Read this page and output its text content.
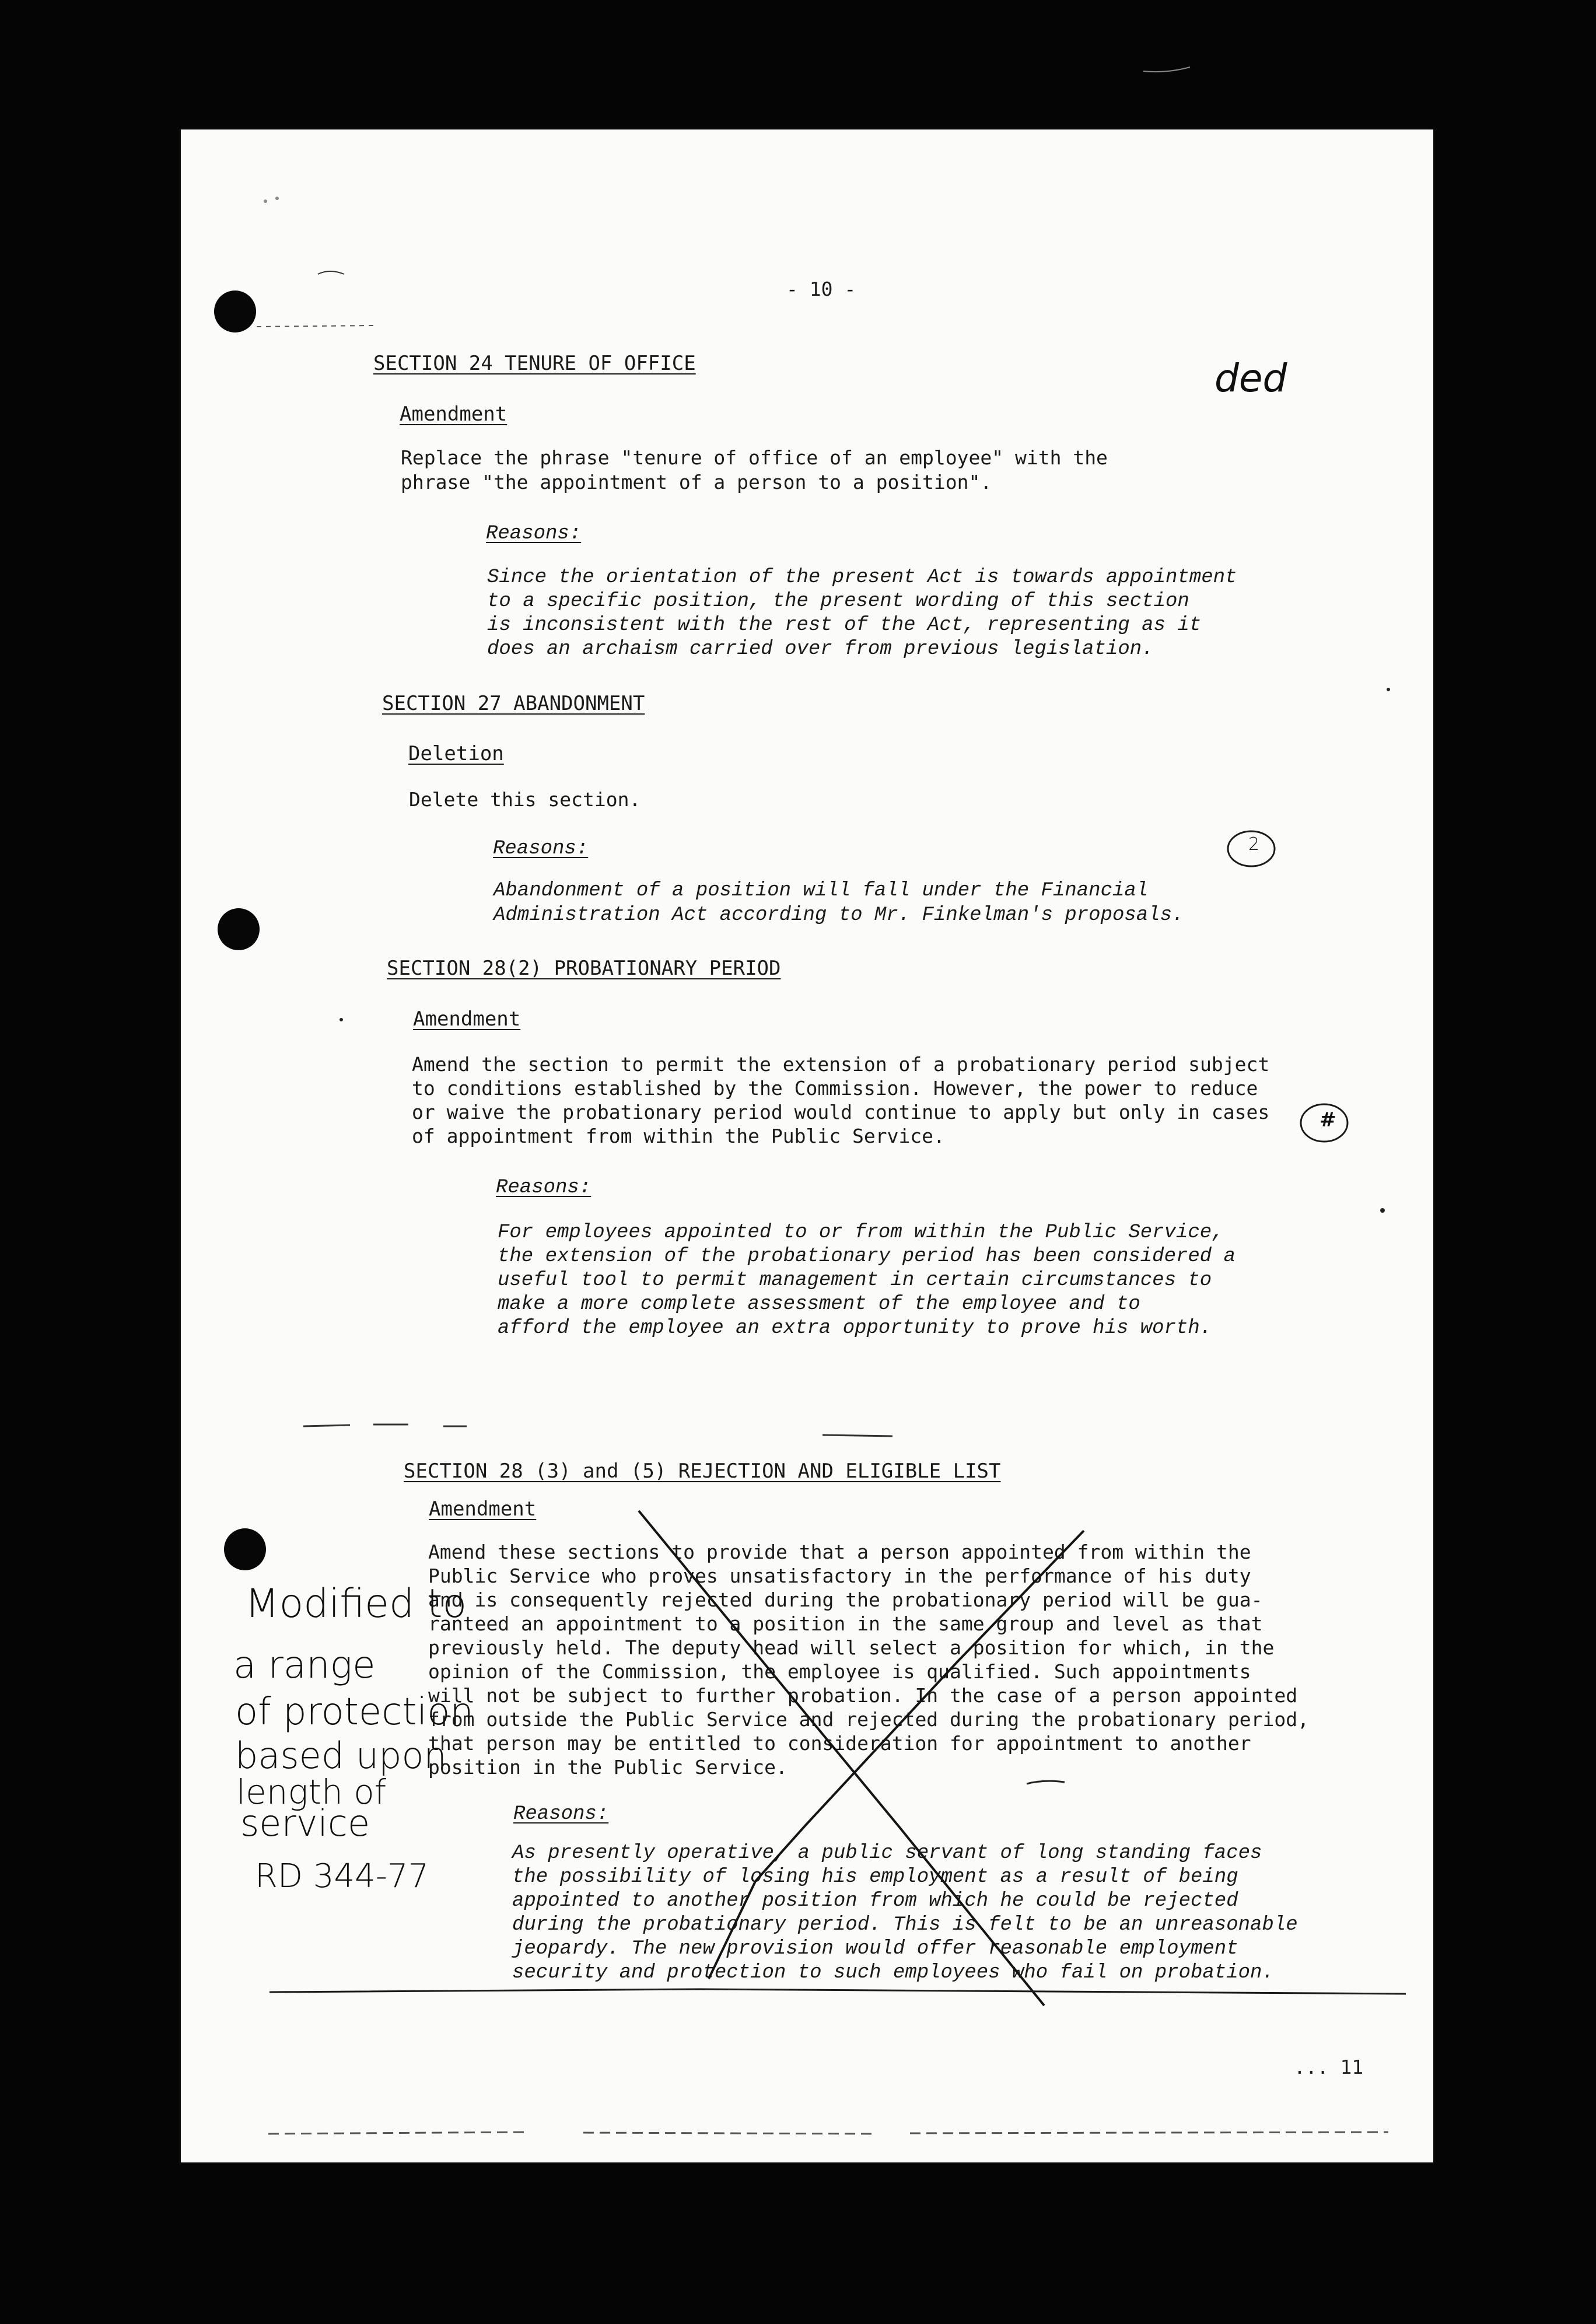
- 10 -
SECTION 24 TENURE OF OFFICE
Amendment
Replace the phrase "tenure of office of an employee" with the
phrase "the appointment of a person to a position".
Reasons:
Since the orientation of the present Act is towards appointment
to a specific position, the present wording of this section
is inconsistent with the rest of the Act, representing as it
does an archaism carried over from previous legislation.
SECTION 27 ABANDONMENT
Deletion
Delete this section.
Reasons:
Abandonment of a position will fall under the Financial
Administration Act according to Mr. Finkelman's proposals.
SECTION 28(2) PROBATIONARY PERIOD
Amendment
Amend the section to permit the extension of a probationary period subject
to conditions established by the Commission. However, the power to reduce
or waive the probationary period would continue to apply but only in cases
of appointment from within the Public Service.
Reasons:
For employees appointed to or from within the Public Service,
the extension of the probationary period has been considered a
useful tool to permit management in certain circumstances to
make a more complete assessment of the employee and to
afford the employee an extra opportunity to prove his worth.
SECTION 28 (3) and (5) REJECTION AND ELIGIBLE LIST
Amendment
Amend these sections to provide that a person appointed from within the
Public Service who proves unsatisfactory in the performance of his duty
and is consequently rejected during the probationary period will be gua-
ranteed an appointment to a position in the same group and level as that
previously held. The deputy head will select a position for which, in the
opinion of the Commission, the employee is qualified. Such appointments
will not be subject to further probation. In the case of a person appointed
from outside the Public Service and rejected during the probationary period,
that person may be entitled to consideration for appointment to another
position in the Public Service.
Reasons:
As presently operative, a public servant of long standing faces
the possibility of losing his employment as a result of being
appointed to another position from which he could be rejected
during the probationary period. This is felt to be an unreasonable
jeopardy. The new provision would offer reasonable employment
security and protection to such employees who fail on probation.
... 11
Modified to
a range
of protection
based upon
length of
service
RD 344-77
ded
2
#
